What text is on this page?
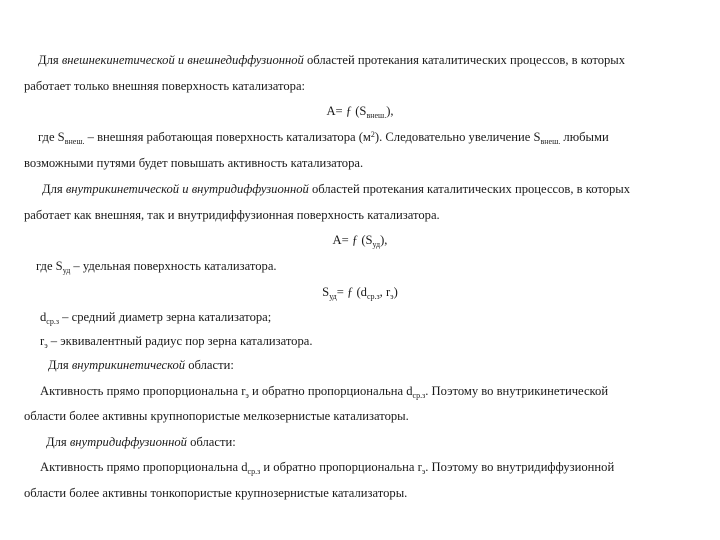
Для внешнекинетической и внешнедиффузионной областей протекания каталитических процессов, в которых
работает только внешняя поверхность катализатора:
A= ƒ $(S_{внеш.})$,
где $S_{внеш.}$ – внешняя работающая поверхность катализатора $(м^2)$. Следовательно увеличение $S_{внеш.}$ любыми
возможными путями будет повышать активность катализатора.
Для внутрикинетической и внутридиффузионной областей протекания каталитических процессов, в которых
работает как внешняя, так и внутридиффузионная поверхность катализатора.
A= ƒ $(S_{уд})$,
где $S_{уд}$ – удельная поверхность катализатора.
$S_{уд}=$ ƒ ($d_{ср.з}$, $r_э$)
$d_{ср.з}$ – средний диаметр зерна катализатора;
$r_э$ – эквивалентный радиус пор зерна катализатора.
Для внутрикинетической области:
Активность прямо пропорциональна $r_э$ и обратно пропорциональна $d_{ср.з}$. Поэтому во внутрикинетической
области более активны крупнопористые мелкозернистые катализаторы.
Для внутридиффузионной области:
Активность прямо пропорциональна $d_{ср.з}$ и обратно пропорциональна $r_э$. Поэтому во внутридиффузионной
области более активны тонкопористые крупнозернистые катализаторы.
